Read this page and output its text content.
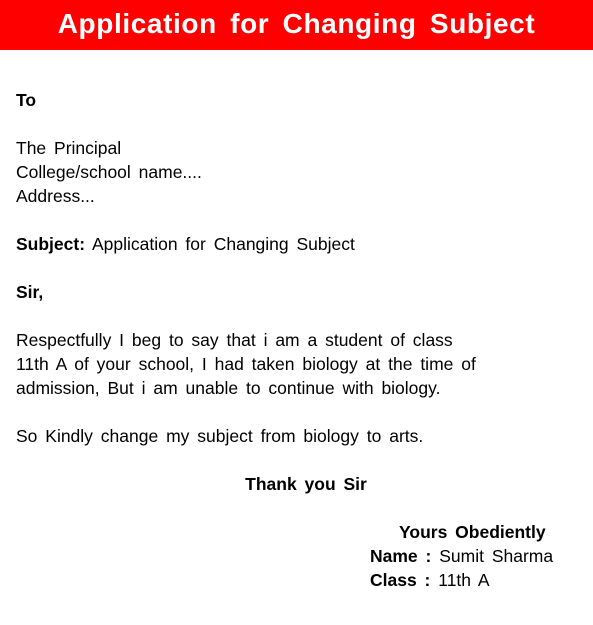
Application for Changing Subject
To
The Principal
College/school name....
Address...
Subject: Application for Changing Subject
Sir,
Respectfully I beg to say that i am a student of class
11th A of your school, I had taken biology at the time of
admission, But i am unable to continue with biology.
So Kindly change my subject from biology to arts.
Thank you Sir
Yours Obediently
Name : Sumit Sharma
Class : 11th A
